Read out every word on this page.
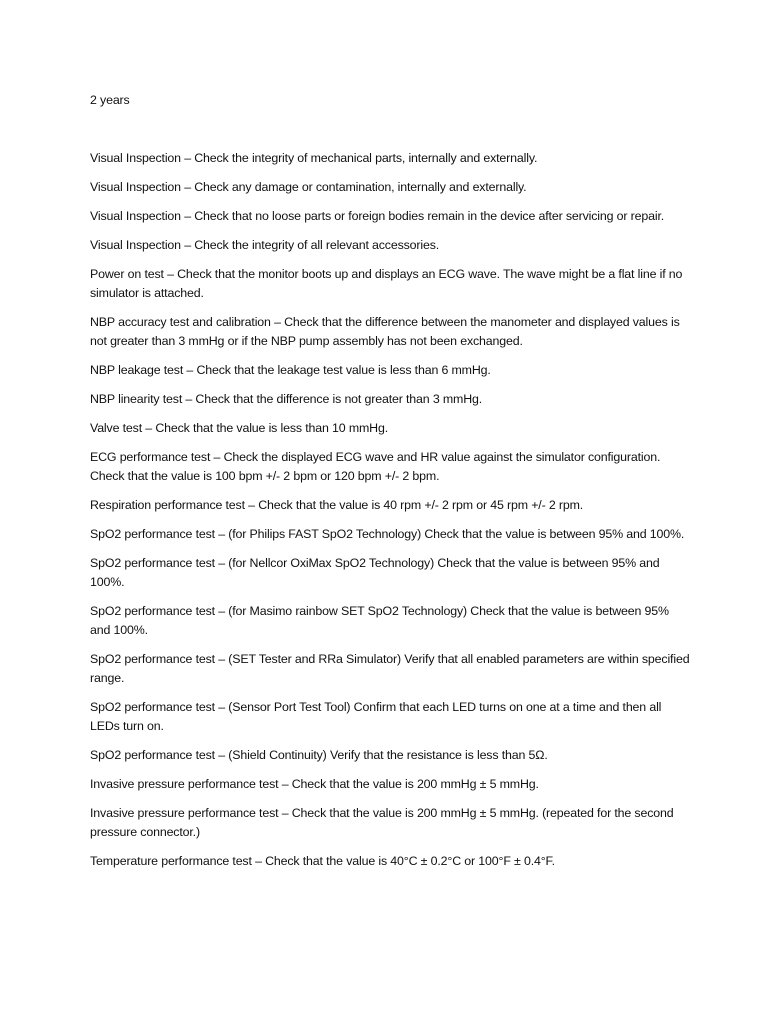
2 years

Visual Inspection – Check the integrity of mechanical parts, internally and externally.

Visual Inspection – Check any damage or contamination, internally and externally.

Visual Inspection – Check that no loose parts or foreign bodies remain in the device after servicing or repair.

Visual Inspection – Check the integrity of all relevant accessories.

Power on test – Check that the monitor boots up and displays an ECG wave. The wave might be a flat line if no simulator is attached.

NBP accuracy test and calibration – Check that the difference between the manometer and displayed values is not greater than 3 mmHg or if the NBP pump assembly has not been exchanged.

NBP leakage test – Check that the leakage test value is less than 6 mmHg.

NBP linearity test – Check that the difference is not greater than 3 mmHg.

Valve test – Check that the value is less than 10 mmHg.

ECG performance test – Check the displayed ECG wave and HR value against the simulator configuration. Check that the value is 100 bpm +/- 2 bpm or 120 bpm +/- 2 bpm.

Respiration performance test – Check that the value is 40 rpm +/- 2 rpm or 45 rpm +/- 2 rpm.

SpO2 performance test – (for Philips FAST SpO2 Technology) Check that the value is between 95% and 100%.

SpO2 performance test – (for Nellcor OxiMax SpO2 Technology) Check that the value is between 95% and 100%.

SpO2 performance test – (for Masimo rainbow SET SpO2 Technology) Check that the value is between 95% and 100%.

SpO2 performance test – (SET Tester and RRa Simulator) Verify that all enabled parameters are within specified range.

SpO2 performance test – (Sensor Port Test Tool) Confirm that each LED turns on one at a time and then all LEDs turn on.

SpO2 performance test – (Shield Continuity) Verify that the resistance is less than 5Ω.

Invasive pressure performance test – Check that the value is 200 mmHg ± 5 mmHg.

Invasive pressure performance test – Check that the value is 200 mmHg ± 5 mmHg. (repeated for the second pressure connector.)

Temperature performance test – Check that the value is 40°C ± 0.2°C or 100°F ± 0.4°F.
